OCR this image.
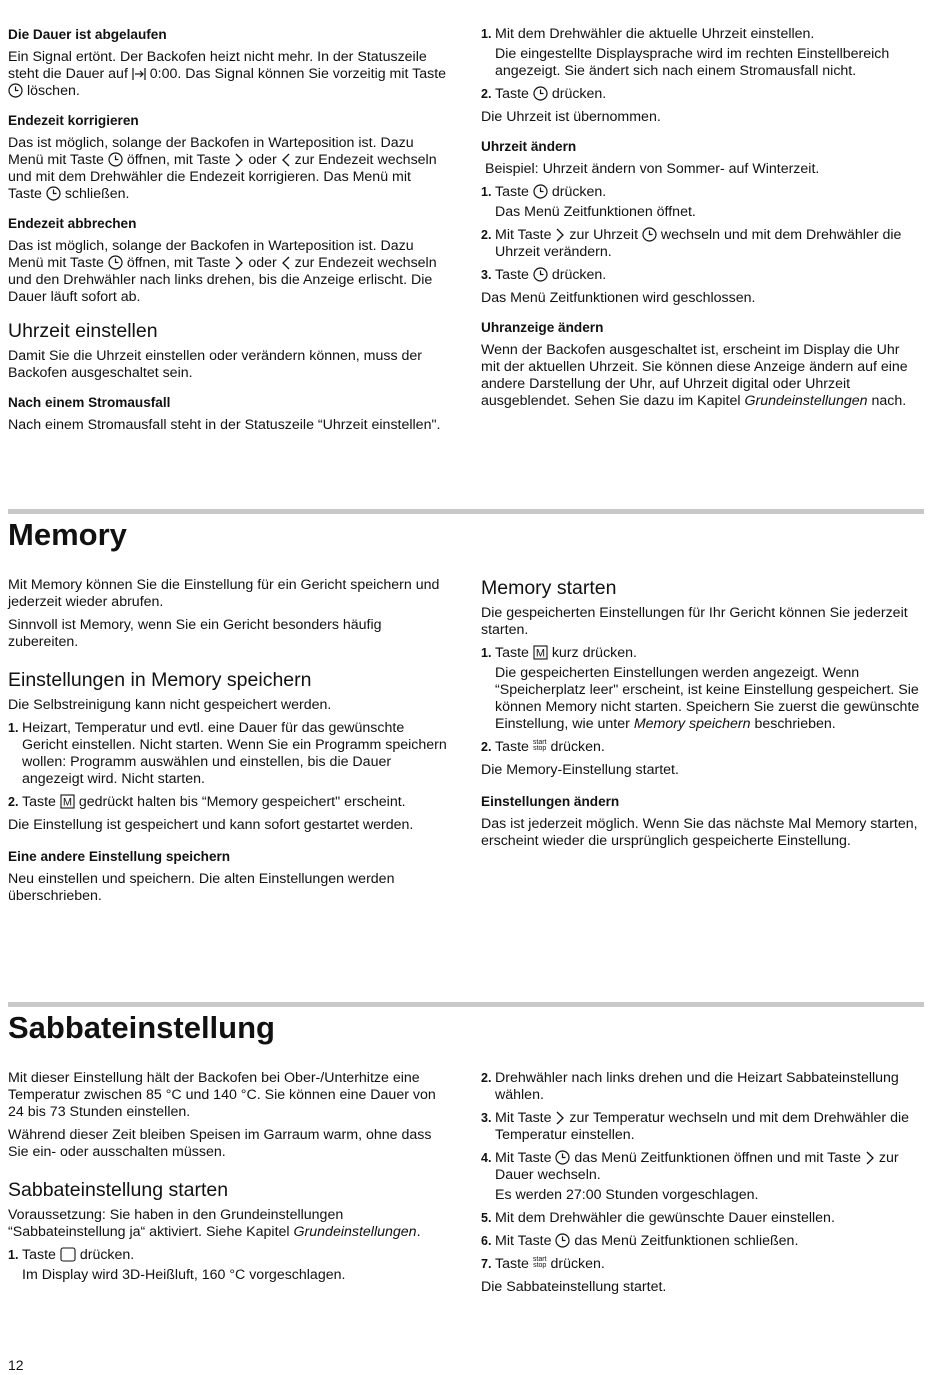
Die Dauer ist abgelaufen

Ein Signal ertönt. Der Backofen heizt nicht mehr. In der Statuszeile steht die Dauer auf 0:00. Das Signal können Sie vorzeitig mit Taste
löschen.

Endezeit korrigieren

Das ist möglich, solange der Backofen in Warteposition ist. Dazu Menü mit Taste öffnen, mit Taste oder zur Endezeit wechseln und mit dem Drehwähler die Endezeit korrigieren. Das Menü mit Taste schließen.

Endezeit abbrechen

Das ist möglich, solange der Backofen in Warteposition ist. Dazu Menü mit Taste öffnen, mit Taste oder zur Endezeit wechseln und den Drehwähler nach links drehen, bis die Anzeige erlischt. Die Dauer läuft sofort ab.

Uhrzeit einstellen

Damit Sie die Uhrzeit einstellen oder verändern können, muss der Backofen ausgeschaltet sein.

Nach einem Stromausfall

Nach einem Stromausfall steht in der Statuszeile “Uhrzeit einstellen".

1. Mit dem Drehwähler die aktuelle Uhrzeit einstellen.
Die eingestellte Displaysprache wird im rechten Einstellbereich angezeigt. Sie ändert sich nach einem Stromausfall nicht.
2. Taste drücken.

Die Uhrzeit ist übernommen.

Uhrzeit ändern

Beispiel: Uhrzeit ändern von Sommer- auf Winterzeit.

1. Taste drücken.
Das Menü Zeitfunktionen öffnet.
2. Mit Taste zur Uhrzeit wechseln und mit dem Drehwähler die Uhrzeit verändern.
3. Taste drücken.

Das Menü Zeitfunktionen wird geschlossen.

Uhranzeige ändern

Wenn der Backofen ausgeschaltet ist, erscheint im Display die Uhr mit der aktuellen Uhrzeit. Sie können diese Anzeige ändern auf eine andere Darstellung der Uhr, auf Uhrzeit digital oder Uhrzeit ausgeblendet. Sehen Sie dazu im Kapitel Grundeinstellungen nach.

Memory

Mit Memory können Sie die Einstellung für ein Gericht speichern und jederzeit wieder abrufen.

Sinnvoll ist Memory, wenn Sie ein Gericht besonders häufig zubereiten.

Einstellungen in Memory speichern

Die Selbstreinigung kann nicht gespeichert werden.

1. Heizart, Temperatur und evtl. eine Dauer für das gewünschte Gericht einstellen. Nicht starten. Wenn Sie ein Programm speichern wollen: Programm auswählen und einstellen, bis die Dauer angezeigt wird. Nicht starten.
2. Taste M gedrückt halten bis “Memory gespeichert" erscheint.

Die Einstellung ist gespeichert und kann sofort gestartet werden.

Eine andere Einstellung speichern

Neu einstellen und speichern. Die alten Einstellungen werden überschrieben.

Memory starten

Die gespeicherten Einstellungen für Ihr Gericht können Sie jederzeit starten.

1. Taste M kurz drücken.
Die gespeicherten Einstellungen werden angezeigt. Wenn “Speicherplatz leer" erscheint, ist keine Einstellung gespeichert. Sie können Memory nicht starten. Speichern Sie zuerst die gewünschte Einstellung, wie unter Memory speichern beschrieben.
2. Taste start
stop drücken.

Die Memory-Einstellung startet.

Einstellungen ändern

Das ist jederzeit möglich. Wenn Sie das nächste Mal Memory starten, erscheint wieder die ursprünglich gespeicherte Einstellung.

Sabbateinstellung

Mit dieser Einstellung hält der Backofen bei Ober-/Unterhitze eine Temperatur zwischen 85 °C und 140 °C. Sie können eine Dauer von 24 bis 73 Stunden einstellen.

Während dieser Zeit bleiben Speisen im Garraum warm, ohne dass Sie ein- oder ausschalten müssen.

Sabbateinstellung starten

Voraussetzung: Sie haben in den Grundeinstellungen “Sabbateinstellung ja“ aktiviert. Siehe Kapitel Grundeinstellungen.

1. Taste drücken.
Im Display wird 3D-Heißluft, 160 °C vorgeschlagen.
2. Drehwähler nach links drehen und die Heizart Sabbateinstellung wählen.
3. Mit Taste zur Temperatur wechseln und mit dem Drehwähler die Temperatur einstellen.
4. Mit Taste das Menü Zeitfunktionen öffnen und mit Taste zur Dauer wechseln.
Es werden 27:00 Stunden vorgeschlagen.
5. Mit dem Drehwähler die gewünschte Dauer einstellen.
6. Mit Taste das Menü Zeitfunktionen schließen.
7. Taste start
stop drücken.

Die Sabbateinstellung startet.

12
